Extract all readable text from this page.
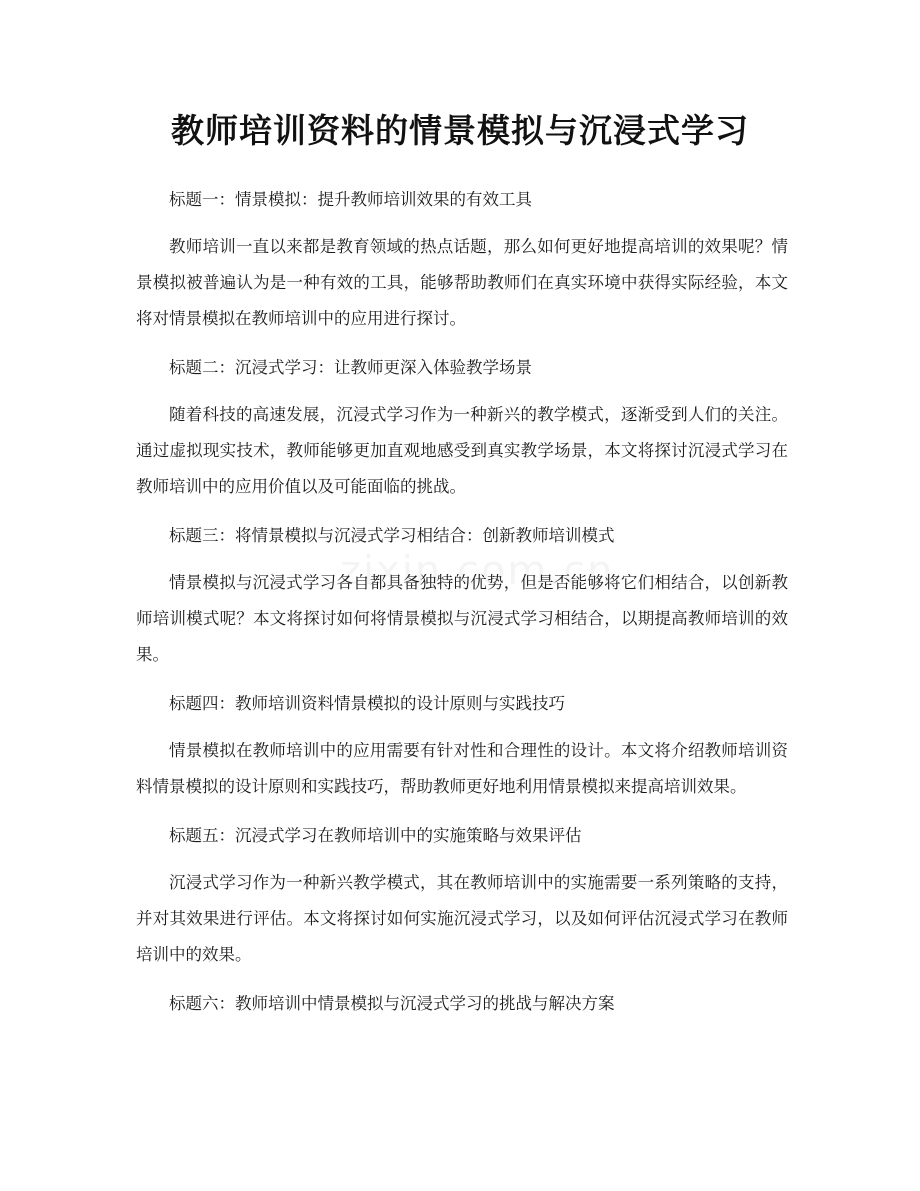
教师培训资料的情景模拟与沉浸式学习

标题一：情景模拟：提升教师培训效果的有效工具

教师培训一直以来都是教育领域的热点话题，那么如何更好地提高培训的效果呢？情景模拟被普遍认为是一种有效的工具，能够帮助教师们在真实环境中获得实际经验，本文将对情景模拟在教师培训中的应用进行探讨。

标题二：沉浸式学习：让教师更深入体验教学场景

随着科技的高速发展，沉浸式学习作为一种新兴的教学模式，逐渐受到人们的关注。通过虚拟现实技术，教师能够更加直观地感受到真实教学场景，本文将探讨沉浸式学习在教师培训中的应用价值以及可能面临的挑战。

标题三：将情景模拟与沉浸式学习相结合：创新教师培训模式

情景模拟与沉浸式学习各自都具备独特的优势，但是否能够将它们相结合，以创新教师培训模式呢？本文将探讨如何将情景模拟与沉浸式学习相结合，以期提高教师培训的效果。

标题四：教师培训资料情景模拟的设计原则与实践技巧

情景模拟在教师培训中的应用需要有针对性和合理性的设计。本文将介绍教师培训资料情景模拟的设计原则和实践技巧，帮助教师更好地利用情景模拟来提高培训效果。

标题五：沉浸式学习在教师培训中的实施策略与效果评估

沉浸式学习作为一种新兴教学模式，其在教师培训中的实施需要一系列策略的支持，并对其效果进行评估。本文将探讨如何实施沉浸式学习，以及如何评估沉浸式学习在教师培训中的效果。

标题六：教师培训中情景模拟与沉浸式学习的挑战与解决方案
